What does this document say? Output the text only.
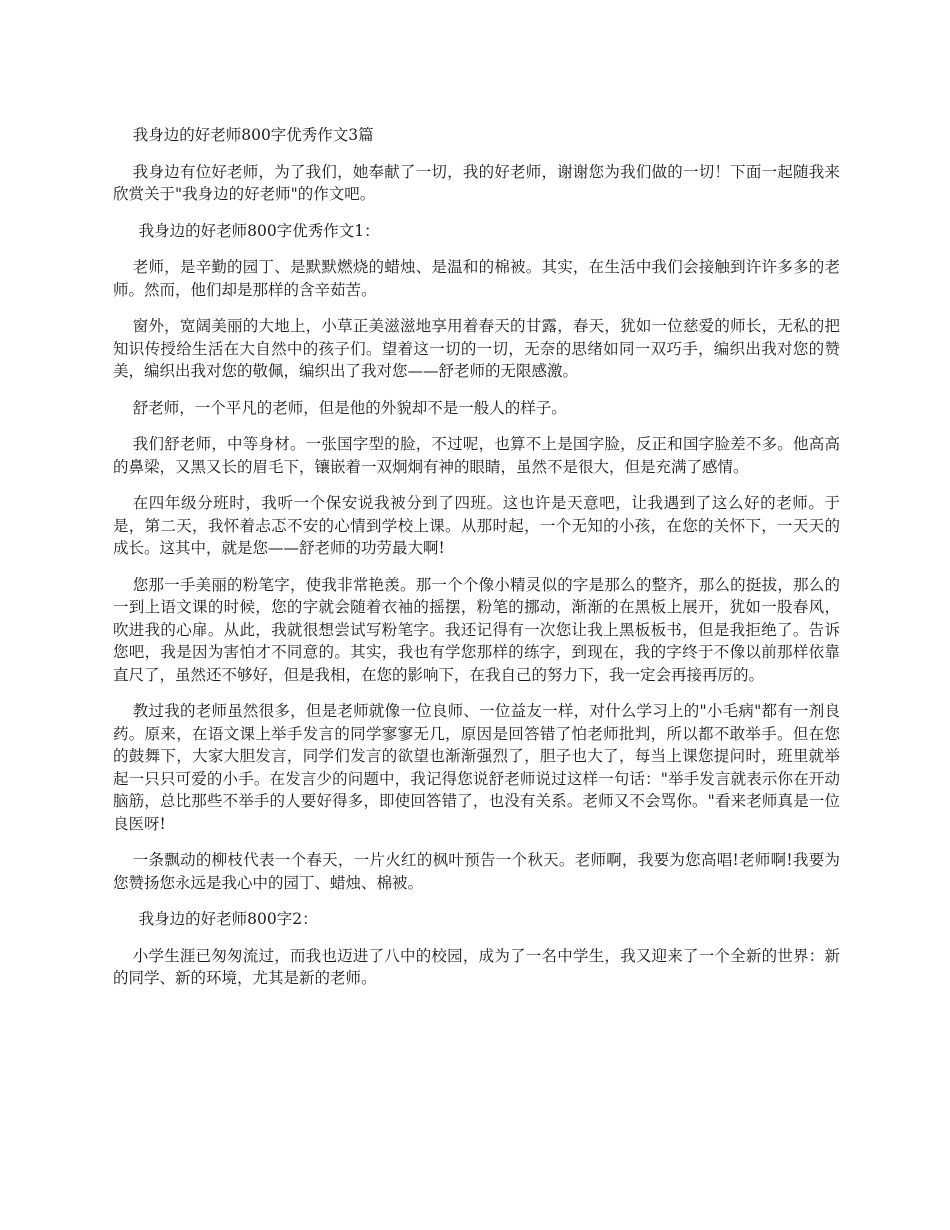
我身边的好老师800字优秀作文3篇

我身边有位好老师，为了我们，她奉献了一切，我的好老师，谢谢您为我们做的一切！下面一起随我来欣赏关于"我身边的好老师"的作文吧。

我身边的好老师800字优秀作文1：

老师，是辛勤的园丁、是默默燃烧的蜡烛、是温和的棉被。其实，在生活中我们会接触到许许多多的老师。然而，他们却是那样的含辛茹苦。

窗外，宽阔美丽的大地上，小草正美滋滋地享用着春天的甘露，春天，犹如一位慈爱的师长，无私的把知识传授给生活在大自然中的孩子们。望着这一切的一切，无奈的思绪如同一双巧手，编织出我对您的赞美，编织出我对您的敬佩，编织出了我对您——舒老师的无限感激。

舒老师，一个平凡的老师，但是他的外貌却不是一般人的样子。

我们舒老师，中等身材。一张国字型的脸，不过呢，也算不上是国字脸，反正和国字脸差不多。他高高的鼻梁，又黑又长的眉毛下，镶嵌着一双炯炯有神的眼睛，虽然不是很大，但是充满了感情。

在四年级分班时，我听一个保安说我被分到了四班。这也许是天意吧，让我遇到了这么好的老师。于是，第二天，我怀着忐忑不安的心情到学校上课。从那时起，一个无知的小孩，在您的关怀下，一天天的成长。这其中，就是您——舒老师的功劳最大啊!

您那一手美丽的粉笔字，使我非常艳羡。那一个个像小精灵似的字是那么的整齐，那么的挺拔，那么的一到上语文课的时候，您的字就会随着衣袖的摇摆，粉笔的挪动，渐渐的在黑板上展开，犹如一股春风，吹进我的心扉。从此，我就很想尝试写粉笔字。我还记得有一次您让我上黑板板书，但是我拒绝了。告诉您吧，我是因为害怕才不同意的。其实，我也有学您那样的练字，到现在，我的字终于不像以前那样依靠直尺了，虽然还不够好，但是我相，在您的影响下，在我自己的努力下，我一定会再接再厉的。

教过我的老师虽然很多，但是老师就像一位良师、一位益友一样，对什么学习上的"小毛病"都有一剂良药。原来，在语文课上举手发言的同学寥寥无几，原因是回答错了怕老师批判，所以都不敢举手。但在您的鼓舞下，大家大胆发言，同学们发言的欲望也渐渐强烈了，胆子也大了，每当上课您提问时，班里就举起一只只可爱的小手。在发言少的问题中，我记得您说舒老师说过这样一句话："举手发言就表示你在开动脑筋，总比那些不举手的人要好得多，即使回答错了，也没有关系。老师又不会骂你。"看来老师真是一位良医呀!

一条飘动的柳枝代表一个春天，一片火红的枫叶预告一个秋天。老师啊，我要为您高唱!老师啊!我要为您赞扬您永远是我心中的园丁、蜡烛、棉被。

我身边的好老师800字2：

小学生涯已匆匆流过，而我也迈进了八中的校园，成为了一名中学生，我又迎来了一个全新的世界：新的同学、新的环境，尤其是新的老师。
